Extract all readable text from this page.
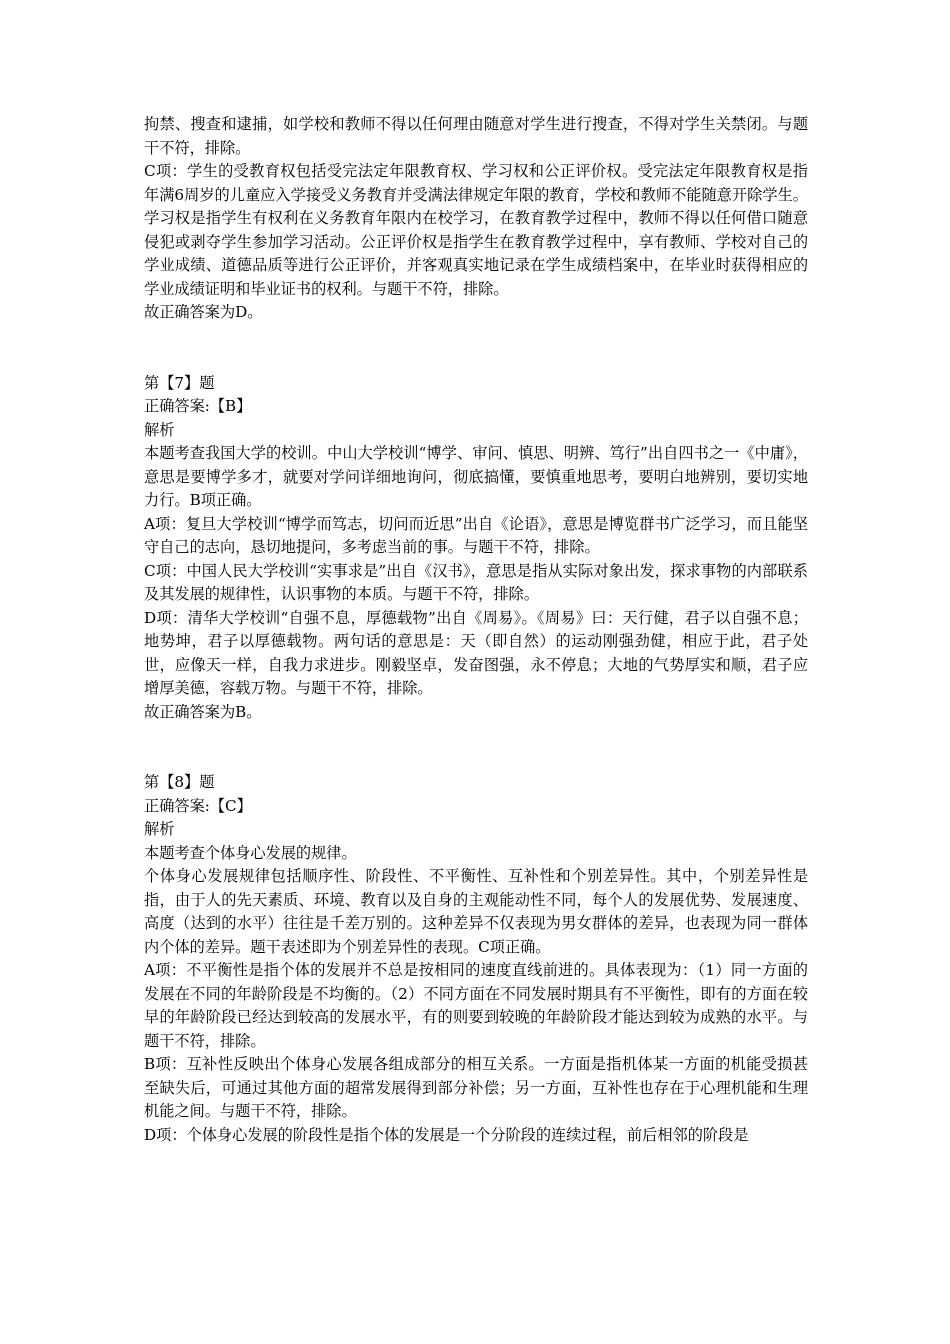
拘禁、搜查和逮捕，如学校和教师不得以任何理由随意对学生进行搜查，不得对学生关禁闭。与题干不符，排除。

C项：学生的受教育权包括受完法定年限教育权、学习权和公正评价权。受完法定年限教育权是指年满6周岁的儿童应入学接受义务教育并受满法律规定年限的教育，学校和教师不能随意开除学生。学习权是指学生有权利在义务教育年限内在校学习，在教育教学过程中，教师不得以任何借口随意侵犯或剥夺学生参加学习活动。公正评价权是指学生在教育教学过程中，享有教师、学校对自己的学业成绩、道德品质等进行公正评价，并客观真实地记录在学生成绩档案中，在毕业时获得相应的学业成绩证明和毕业证书的权利。与题干不符，排除。

故正确答案为D。

第【7】题

正确答案:【B】

解析

本题考查我国大学的校训。中山大学校训“博学、审问、慎思、明辨、笃行”出自四书之一《中庸》，意思是要博学多才，就要对学问详细地询问，彻底搞懂，要慎重地思考，要明白地辨别，要切实地力行。B项正确。

A项：复旦大学校训“博学而笃志，切问而近思”出自《论语》，意思是博览群书广泛学习，而且能坚守自己的志向，恳切地提问，多考虑当前的事。与题干不符，排除。

C项：中国人民大学校训“实事求是”出自《汉书》，意思是指从实际对象出发，探求事物的内部联系及其发展的规律性，认识事物的本质。与题干不符，排除。

D项：清华大学校训“自强不息，厚德载物”出自《周易》。《周易》曰：天行健，君子以自强不息；地势坤，君子以厚德载物。两句话的意思是：天（即自然）的运动刚强劲健，相应于此，君子处世，应像天一样，自我力求进步。刚毅坚卓，发奋图强，永不停息；大地的气势厚实和顺，君子应增厚美德，容载万物。与题干不符，排除。

故正确答案为B。

第【8】题

正确答案:【C】

解析

本题考查个体身心发展的规律。

个体身心发展规律包括顺序性、阶段性、不平衡性、互补性和个别差异性。其中，个别差异性是指，由于人的先天素质、环境、教育以及自身的主观能动性不同，每个人的发展优势、发展速度、高度（达到的水平）往往是千差万别的。这种差异不仅表现为男女群体的差异，也表现为同一群体内个体的差异。题干表述即为个别差异性的表现。C项正确。

A项：不平衡性是指个体的发展并不总是按相同的速度直线前进的。具体表现为：（1）同一方面的发展在不同的年龄阶段是不均衡的。（2）不同方面在不同发展时期具有不平衡性，即有的方面在较早的年龄阶段已经达到较高的发展水平，有的则要到较晚的年龄阶段才能达到较为成熟的水平。与题干不符，排除。

B项：互补性反映出个体身心发展各组成部分的相互关系。一方面是指机体某一方面的机能受损甚至缺失后，可通过其他方面的超常发展得到部分补偿；另一方面，互补性也存在于心理机能和生理机能之间。与题干不符，排除。

D项：个体身心发展的阶段性是指个体的发展是一个分阶段的连续过程，前后相邻的阶段是
